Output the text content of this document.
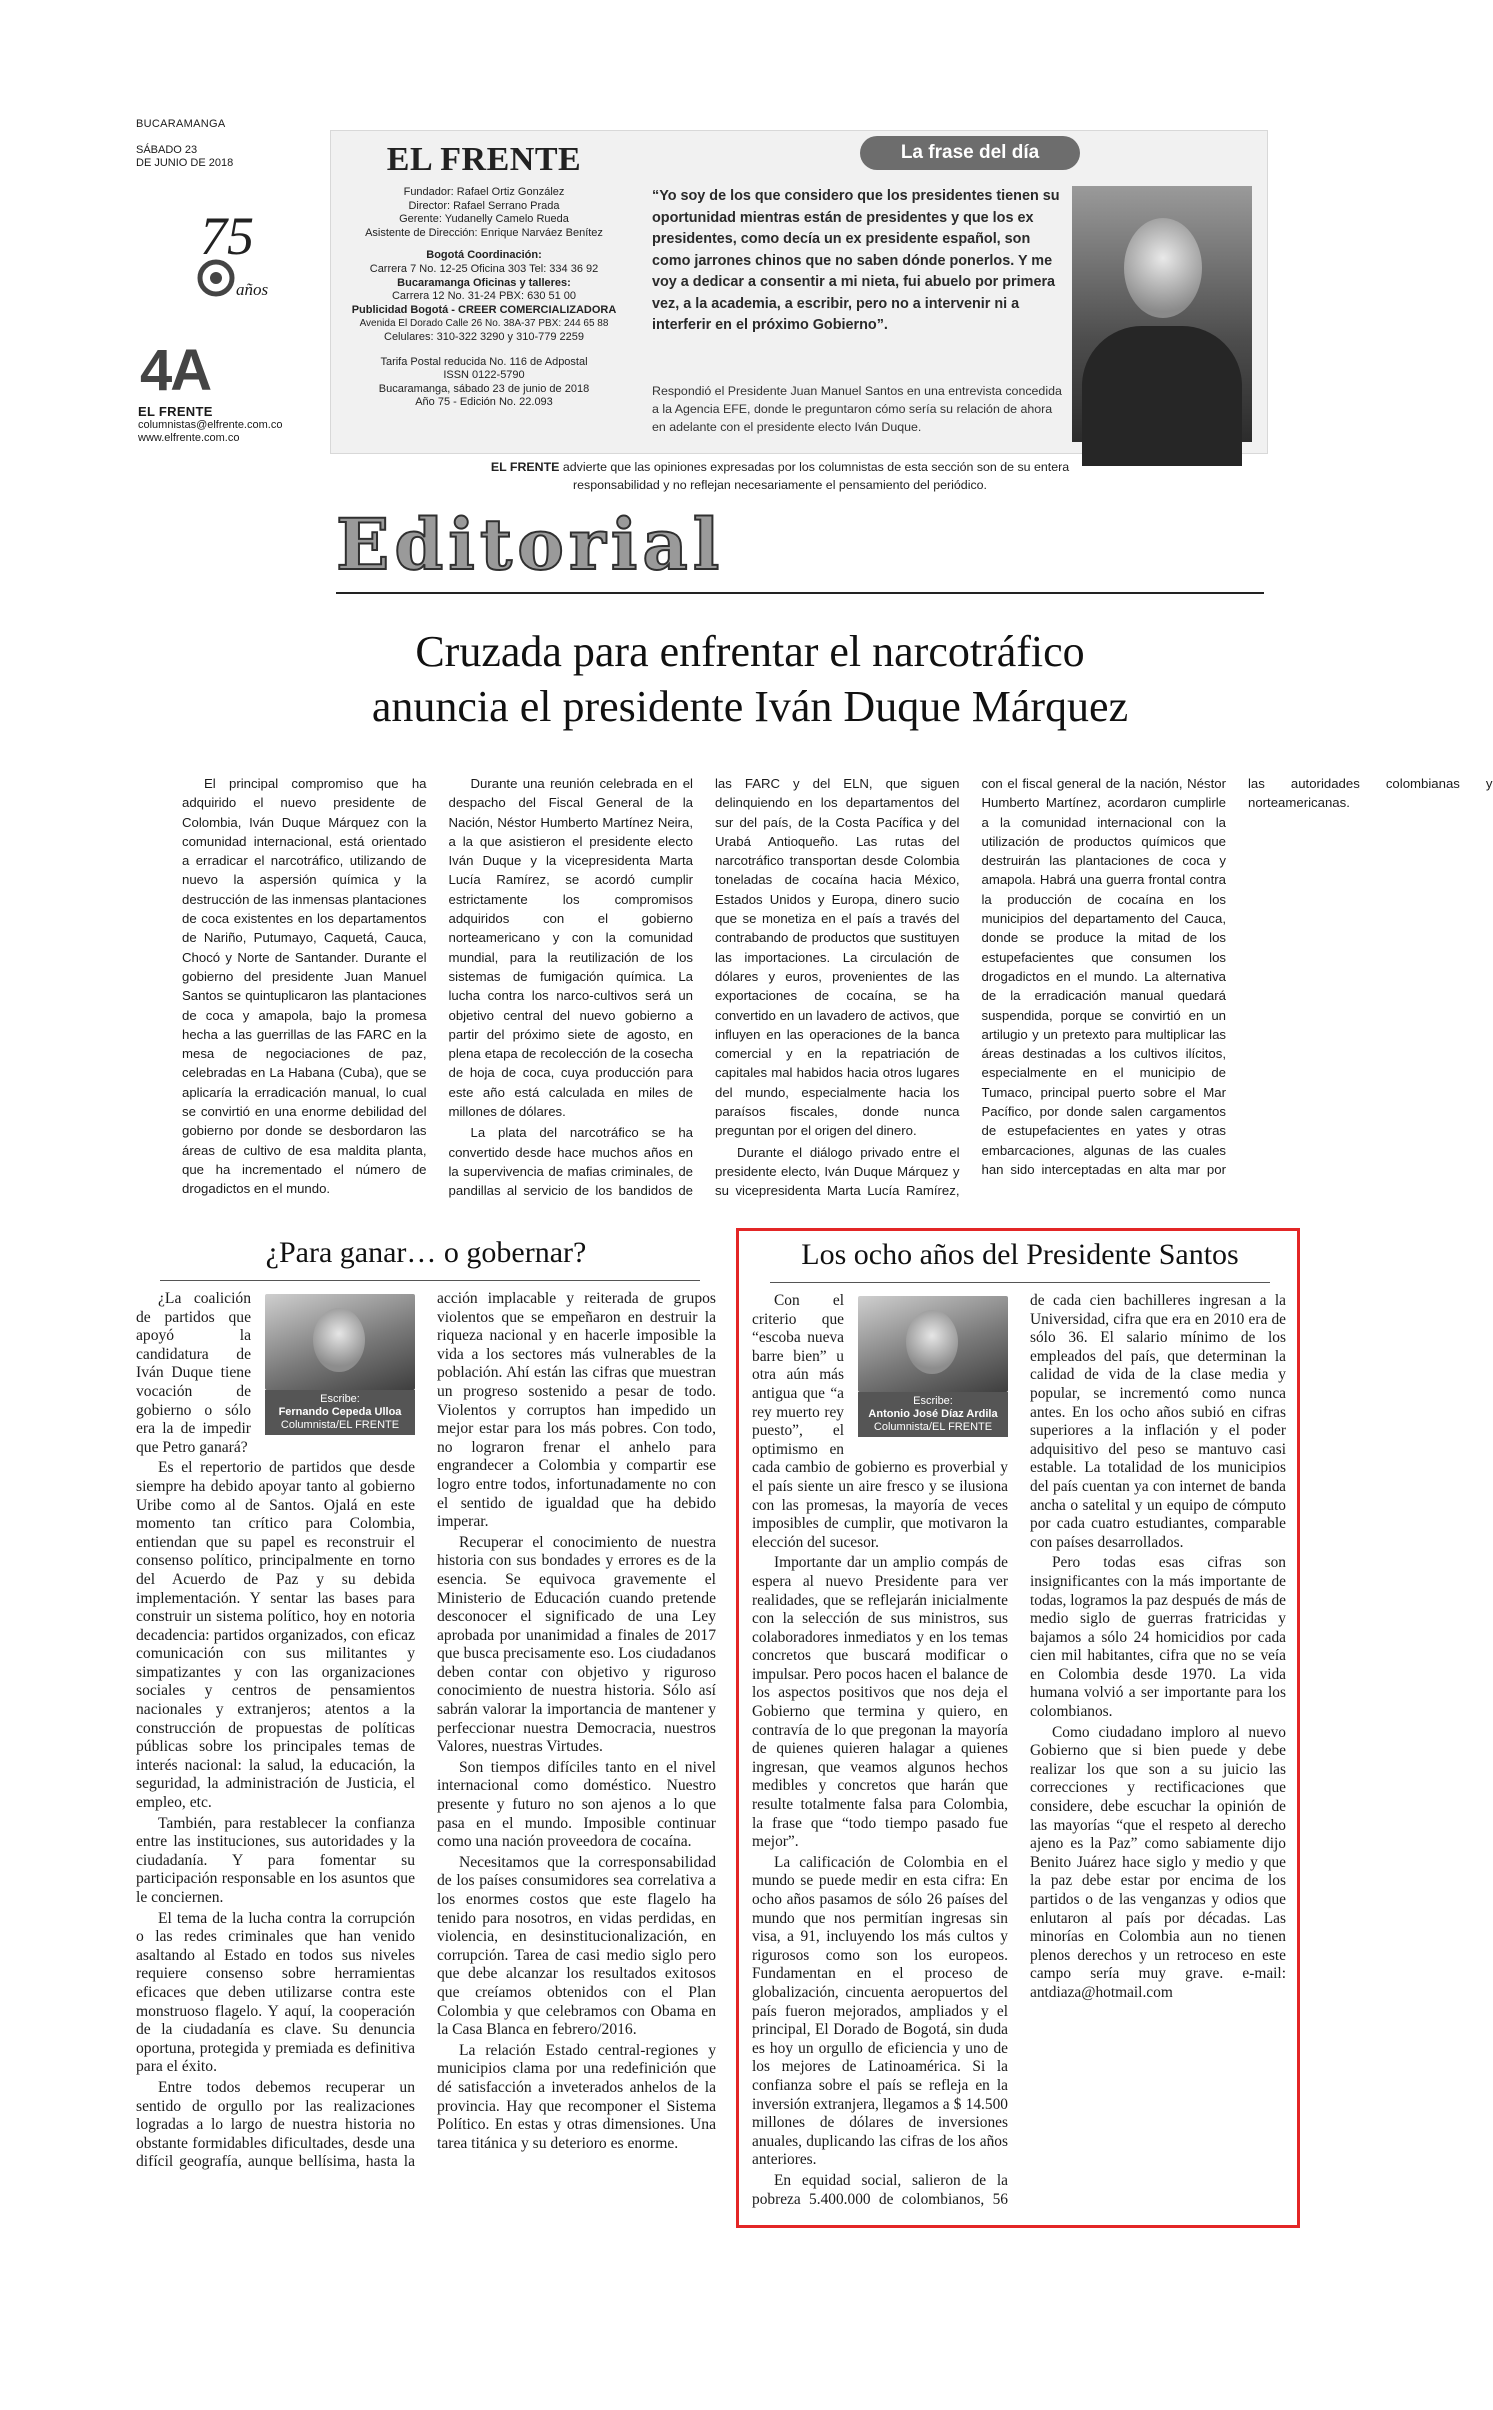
BUCARAMANGA
SÁBADO 23
DE JUNIO DE 2018
75
años
4A
EL FRENTE
columnistas@elfrente.com.co
www.elfrente.com.co
EL FRENTE
Fundador: Rafael Ortiz González
Director: Rafael Serrano Prada
Gerente: Yudanelly Camelo Rueda
Asistente de Dirección: Enrique Narváez Benítez
Bogotá Coordinación:
Carrera 7 No. 12-25 Oficina 303 Tel: 334 36 92
Bucaramanga Oficinas y talleres:
Carrera 12 No. 31-24 PBX: 630 51 00
Publicidad Bogotá - CREER COMERCIALIZADORA
Avenida El Dorado Calle 26 No. 38A-37 PBX: 244 65 88
Celulares: 310-322 3290 y 310-779 2259
Tarifa Postal reducida No. 116 de Adpostal
ISSN 0122-5790
Bucaramanga, sábado 23 de junio de 2018
Año 75 - Edición No. 22.093
La frase del día
“Yo soy de los que considero que los presidentes tienen su oportunidad mientras están de presidentes y que los ex presidentes, como decía un ex presidente español, son como jarrones chinos que no saben dónde ponerlos. Y me voy a dedicar a consentir a mi nieta, fui abuelo por primera vez, a la academia, a escribir, pero no a intervenir ni a interferir en el próximo Gobierno”.
Respondió el Presidente Juan Manuel Santos en una entrevista concedida a la Agencia EFE, donde le preguntaron cómo sería su relación de ahora en adelante con el presidente electo Iván Duque.
EL FRENTE advierte que las opiniones expresadas por los columnistas de esta sección son de su entera responsabilidad y no reflejan necesariamente el pensamiento del periódico.
Editorial
Cruzada para enfrentar el narcotráfico
anuncia el presidente Iván Duque Márquez

El principal compromiso que ha adquirido el nuevo presidente de Colombia, Iván Duque Márquez con la comunidad internacional, está orientado a erradicar el narcotráfico, utilizando de nuevo la aspersión química y la destrucción de las inmensas plantaciones de coca existentes en los departamentos de Nariño, Putumayo, Caquetá, Cauca, Chocó y Norte de Santander. Durante el gobierno del presidente Juan Manuel Santos se quintuplicaron las plantaciones de coca y amapola, bajo la promesa hecha a las guerrillas de las FARC en la mesa de negociaciones de paz, celebradas en La Habana (Cuba), que se aplicaría la erradicación manual, lo cual se convirtió en una enorme debilidad del gobierno por donde se desbordaron las áreas de cultivo de esa maldita planta, que ha incrementado el número de drogadictos en el mundo.

Durante una reunión celebrada en el despacho del Fiscal General de la Nación, Néstor Humberto Martínez Neira, a la que asistieron el presidente electo Iván Duque y la vicepresidenta Marta Lucía Ramírez, se acordó cumplir estrictamente los compromisos adquiridos con el gobierno norteamericano y con la comunidad mundial, para la reutilización de los sistemas de fumigación química. La lucha contra los narco-cultivos será un objetivo central del nuevo gobierno a partir del próximo siete de agosto, en plena etapa de recolección de la cosecha de hoja de coca, cuya producción para este año está calculada en miles de millones de dólares.

La plata del narcotráfico se ha convertido desde hace muchos años en la supervivencia de mafias criminales, de pandillas al servicio de los bandidos de las FARC y del ELN, que siguen delinquiendo en los departamentos del sur del país, de la Costa Pacífica y del Urabá Antioqueño. Las rutas del narcotráfico transportan desde Colombia toneladas de cocaína hacia México, Estados Unidos y Europa, dinero sucio que se monetiza en el país a través del contrabando de productos que sustituyen las importaciones. La circulación de dólares y euros, provenientes de las exportaciones de cocaína, se ha convertido en un lavadero de activos, que influyen en las operaciones de la banca comercial y en la repatriación de capitales mal habidos hacia otros lugares del mundo, especialmente hacia los paraísos fiscales, donde nunca preguntan por el origen del dinero.

Durante el diálogo privado entre el presidente electo, Iván Duque Márquez y su vicepresidenta Marta Lucía Ramírez, con el fiscal general de la nación, Néstor Humberto Martínez, acordaron cumplirle a la comunidad internacional con la utilización de productos químicos que destruirán las plantaciones de coca y amapola. Habrá una guerra frontal contra la producción de cocaína en los municipios del departamento del Cauca, donde se produce la mitad de los estupefacientes que consumen los drogadictos en el mundo. La alternativa de la erradicación manual quedará suspendida, porque se convirtió en un artilugio y un pretexto para multiplicar las áreas destinadas a los cultivos ilícitos, especialmente en el municipio de Tumaco, principal puerto sobre el Mar Pacífico, por donde salen cargamentos de estupefacientes en yates y otras embarcaciones, algunas de las cuales han sido interceptadas en alta mar por las autoridades colombianas y norteamericanas.

¿Para ganar… o gobernar?
Escribe:
Fernando Cepeda Ulloa
Columnista/EL FRENTE

¿La coalición de partidos que apoyó la candidatura de Iván Duque tiene vocación de gobierno o sólo era la de impedir que Petro ganará?

Es el repertorio de partidos que desde siempre ha debido apoyar tanto al gobierno Uribe como al de Santos. Ojalá en este momento tan crítico para Colombia, entiendan que su papel es reconstruir el consenso político, principalmente en torno del Acuerdo de Paz y su debida implementación. Y sentar las bases para construir un sistema político, hoy en notoria decadencia: partidos organizados, con eficaz comunicación con sus militantes y simpatizantes y con las organizaciones sociales y centros de pensamientos nacionales y extranjeros; atentos a la construcción de propuestas de políticas públicas sobre los principales temas de interés nacional: la salud, la educación, la seguridad, la administración de Justicia, el empleo, etc.

También, para restablecer la confianza entre las instituciones, sus autoridades y la ciudadanía. Y para fomentar su participación responsable en los asuntos que le conciernen.

El tema de la lucha contra la corrupción o las redes criminales que han venido asaltando al Estado en todos sus niveles requiere consenso sobre herramientas eficaces que deben utilizarse contra este monstruoso flagelo. Y aquí, la cooperación de la ciudadanía es clave. Su denuncia oportuna, protegida y premiada es definitiva para el éxito.

Entre todos debemos recuperar un sentido de orgullo por las realizaciones logradas a lo largo de nuestra historia no obstante formidables dificultades, desde una difícil geografía, aunque bellísima, hasta la acción implacable y reiterada de grupos violentos que se empeñaron en destruir la riqueza nacional y en hacerle imposible la vida a los sectores más vulnerables de la población. Ahí están las cifras que muestran un progreso sostenido a pesar de todo. Violentos y corruptos han impedido un mejor estar para los más pobres. Con todo, no lograron frenar el anhelo para engrandecer a Colombia y compartir ese logro entre todos, infortunadamente no con el sentido de igualdad que ha debido imperar.

Recuperar el conocimiento de nuestra historia con sus bondades y errores es de la esencia. Se equivoca gravemente el Ministerio de Educación cuando pretende desconocer el significado de una Ley aprobada por unanimidad a finales de 2017 que busca precisamente eso. Los ciudadanos deben contar con objetivo y riguroso conocimiento de nuestra historia. Sólo así sabrán valorar la importancia de mantener y perfeccionar nuestra Democracia, nuestros Valores, nuestras Virtudes.

Son tiempos difíciles tanto en el nivel internacional como doméstico. Nuestro presente y futuro no son ajenos a lo que pasa en el mundo. Imposible continuar como una nación proveedora de cocaína.

Necesitamos que la corresponsabilidad de los países consumidores sea correlativa a los enormes costos que este flagelo ha tenido para nosotros, en vidas perdidas, en violencia, en desinstitucionalización, en corrupción. Tarea de casi medio siglo pero que debe alcanzar los resultados exitosos que creíamos obtenidos con el Plan Colombia y que celebramos con Obama en la Casa Blanca en febrero/2016.

La relación Estado central-regiones y municipios clama por una redefinición que dé satisfacción a inveterados anhelos de la provincia. Hay que recomponer el Sistema Político. En estas y otras dimensiones. Una tarea titánica y su deterioro es enorme.

Los ocho años del Presidente Santos
Escribe:
Antonio José Díaz Ardila
Columnista/EL FRENTE

Con el criterio que “escoba nueva barre bien” u otra aún más antigua que “a rey muerto rey puesto”, el optimismo en cada cambio de gobierno es proverbial y el país siente un aire fresco y se ilusiona con las promesas, la mayoría de veces imposibles de cumplir, que motivaron la elección del sucesor.

Importante dar un amplio compás de espera al nuevo Presidente para ver realidades, que se reflejarán inicialmente con la selección de sus ministros, sus colaboradores inmediatos y en los temas concretos que buscará modificar o impulsar. Pero pocos hacen el balance de los aspectos positivos que nos deja el Gobierno que termina y quiero, en contravía de lo que pregonan la mayoría de quienes quieren halagar a quienes ingresan, que veamos algunos hechos medibles y concretos que harán que resulte totalmente falsa para Colombia, la frase que “todo tiempo pasado fue mejor”.

La calificación de Colombia en el mundo se puede medir en esta cifra: En ocho años pasamos de sólo 26 países del mundo que nos permitían ingresas sin visa, a 91, incluyendo los más cultos y rigurosos como son los europeos. Fundamentan en el proceso de globalización, cincuenta aeropuertos del país fueron mejorados, ampliados y el principal, El Dorado de Bogotá, sin duda es hoy un orgullo de eficiencia y uno de los mejores de Latinoamérica. Si la confianza sobre el país se refleja en la inversión extranjera, llegamos a $ 14.500 millones de dólares de inversiones anuales, duplicando las cifras de los años anteriores.

En equidad social, salieron de la pobreza 5.400.000 de colombianos, 56 de cada cien bachilleres ingresan a la Universidad, cifra que era en 2010 era de sólo 36. El salario mínimo de los empleados del país, que determinan la calidad de vida de la clase media y popular, se incrementó como nunca antes. En los ocho años subió en cifras superiores a la inflación y el poder adquisitivo del peso se mantuvo casi estable. La totalidad de los municipios del país cuentan ya con internet de banda ancha o satelital y un equipo de cómputo por cada cuatro estudiantes, comparable con países desarrollados.

Pero todas esas cifras son insignificantes con la más importante de todas, logramos la paz después de más de medio siglo de guerras fratricidas y bajamos a sólo 24 homicidios por cada cien mil habitantes, cifra que no se veía en Colombia desde 1970. La vida humana volvió a ser importante para los colombianos.

Como ciudadano imploro al nuevo Gobierno que si bien puede y debe realizar los que son a su juicio las correcciones y rectificaciones que considere, debe escuchar la opinión de las mayorías “que el respeto al derecho ajeno es la Paz” como sabiamente dijo Benito Juárez hace siglo y medio y que la paz debe estar por encima de los partidos o de las venganzas y odios que enlutaron al país por décadas. Las minorías en Colombia aun no tienen plenos derechos y un retroceso en este campo sería muy grave. e-mail: antdiaza@hotmail.com
